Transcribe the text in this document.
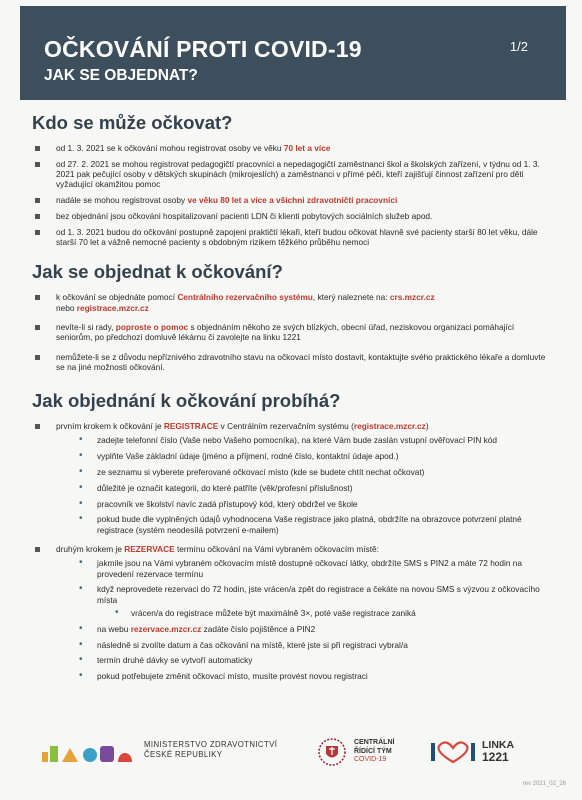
OČKOVÁNÍ PROTI COVID-19
JAK SE OBJEDNAT?
1/2
Kdo se může očkovat?
od 1. 3. 2021 se k očkování mohou registrovat osoby ve věku 70 let a více
od 27. 2. 2021 se mohou registrovat pedagogičtí pracovníci a nepedagogičtí zaměstnanci škol a školských zařízení, v týdnu od 1. 3. 2021 pak pečující osoby v dětských skupinách (mikrojeslích) a zaměstnanci v přímé péči, kteří zajišťují činnost zařízení pro děti vyžadující okamžitou pomoc
nadále se mohou registrovat osoby ve věku 80 let a více a všichni zdravotničtí pracovníci
bez objednání jsou očkováni hospitalizovaní pacienti LDN či klienti pobytových sociálních služeb apod.
od 1. 3. 2021 budou do očkování postupně zapojeni praktičtí lékaři, kteří budou očkovat hlavně své pacienty starší 80 let věku, dále starší 70 let a vážně nemocné pacienty s obdobným rizikem těžkého průběhu nemoci
Jak se objednat k očkování?
k očkování se objednáte pomocí Centrálního rezervačního systému, který naleznete na: crs.mzcr.cz
nebo registrace.mzcr.cz
nevíte-li si rady, poproste o pomoc s objednáním někoho ze svých blízkých, obecní úřad, neziskovou organizaci pomáhající seniorům, po předchozí domluvě lékárnu či zavolejte na linku 1221
nemůžete-li se z důvodu nepříznivého zdravotního stavu na očkovací místo dostavit, kontaktujte svého praktického lékaře a domluvte se na jiné možnosti očkování.
Jak objednání k očkování probíhá?
prvním krokem k očkování je REGISTRACE v Centrálním rezervačním systému (registrace.mzcr.cz)
• zadejte telefonní číslo (Vaše nebo Vašeho pomocníka), na které Vám bude zaslán vstupní ověřovací PIN kód
• vyplňte Vaše základní údaje (jméno a příjmení, rodné číslo, kontaktní údaje apod.)
• ze seznamu si vyberete preferované očkovací místo (kde se budete chtít nechat očkovat)
• důležité je označit kategorii, do které patříte (věk/profesní příslušnost)
• pracovník ve školství navíc zadá přístupový kód, který obdržel ve škole
• pokud bude dle vyplněných údajů vyhodnocena Vaše registrace jako platná, obdržíte na obrazovce potvrzení platné registrace (systém neodesílá potvrzení e-mailem)
druhým krokem je REZERVACE termínu očkování na Vámi vybraném očkovacím místě:
• jakmile jsou na Vámi vybraném očkovacím místě dostupné očkovací látky, obdržíte SMS s PIN2 a máte 72 hodin na provedení rezervace termínu
• když neprovedete rezervaci do 72 hodin, jste vrácen/a zpět do registrace a čekáte na novou SMS s výzvou z očkovacího místa
• vrácen/a do registrace můžete být maximálně 3×, poté vaše registrace zaniká
• na webu rezervace.mzcr.cz zadáte číslo pojištěnce a PIN2
• následně si zvolíte datum a čas očkování na místě, které jste si při registraci vybral/a
• termín druhé dávky se vytvoří automaticky
• pokud potřebujete změnit očkovací místo, musíte provést novou registraci
MINISTERSTVO ZDRAVOTNICTVÍ
ČESKÉ REPUBLIKY
CENTRÁLNÍ
ŘÍDÍCÍ TÝM
COVID-19
LINKA
1221
rev 2021_02_26
